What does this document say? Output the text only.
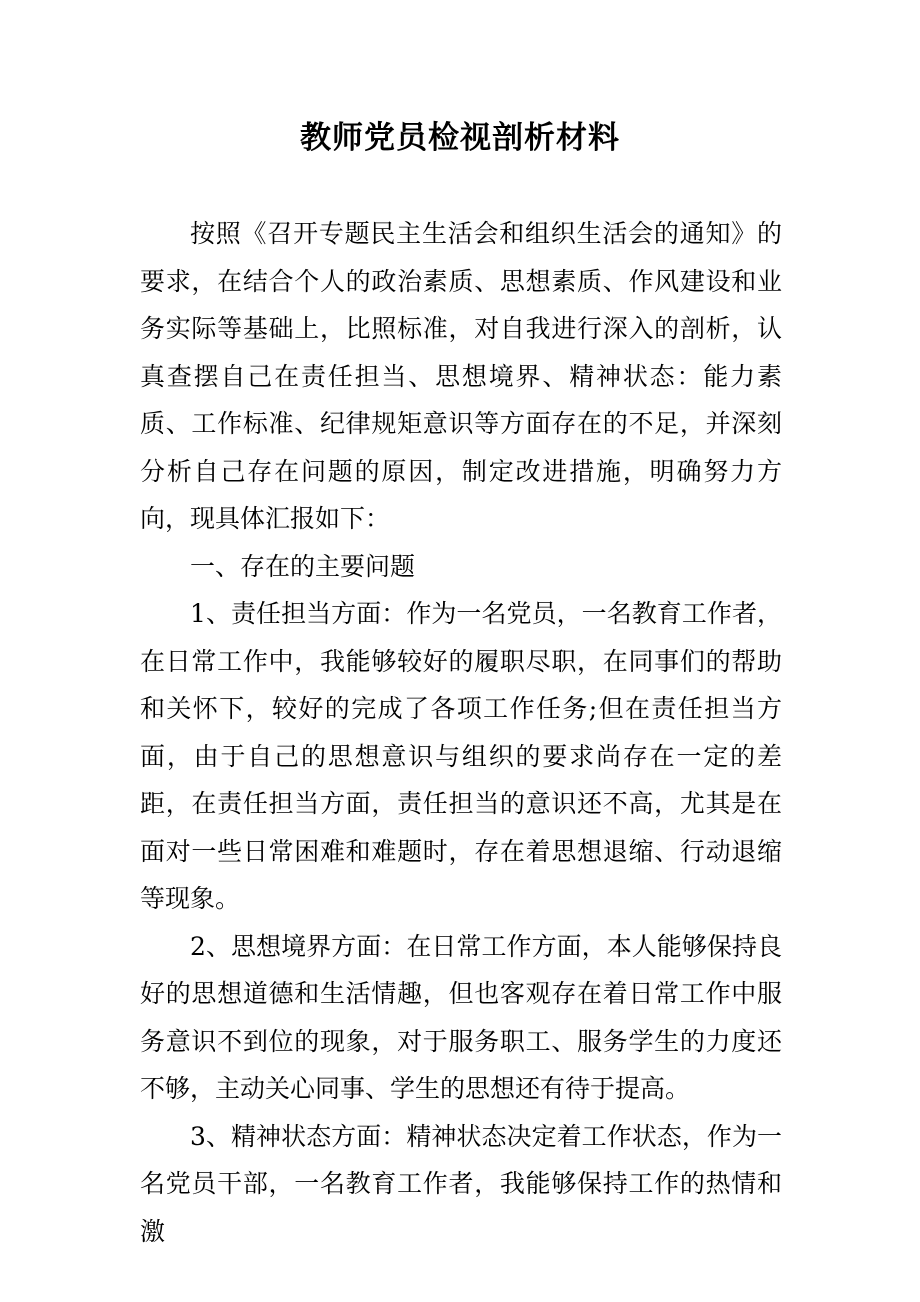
教师党员检视剖析材料

按照《召开专题民主生活会和组织生活会的通知》的要求，在结合个人的政治素质、思想素质、作风建设和业务实际等基础上，比照标准，对自我进行深入的剖析，认真查摆自己在责任担当、思想境界、精神状态：能力素质、工作标准、纪律规矩意识等方面存在的不足，并深刻分析自己存在问题的原因，制定改进措施，明确努力方向，现具体汇报如下：

一、存在的主要问题

1、责任担当方面：作为一名党员，一名教育工作者，在日常工作中，我能够较好的履职尽职，在同事们的帮助和关怀下，较好的完成了各项工作任务;但在责任担当方面，由于自己的思想意识与组织的要求尚存在一定的差距，在责任担当方面，责任担当的意识还不高，尤其是在面对一些日常困难和难题时，存在着思想退缩、行动退缩等现象。

2、思想境界方面：在日常工作方面，本人能够保持良好的思想道德和生活情趣，但也客观存在着日常工作中服务意识不到位的现象，对于服务职工、服务学生的力度还不够，主动关心同事、学生的思想还有待于提高。

3、精神状态方面：精神状态决定着工作状态，作为一名党员干部，一名教育工作者，我能够保持工作的热情和激
